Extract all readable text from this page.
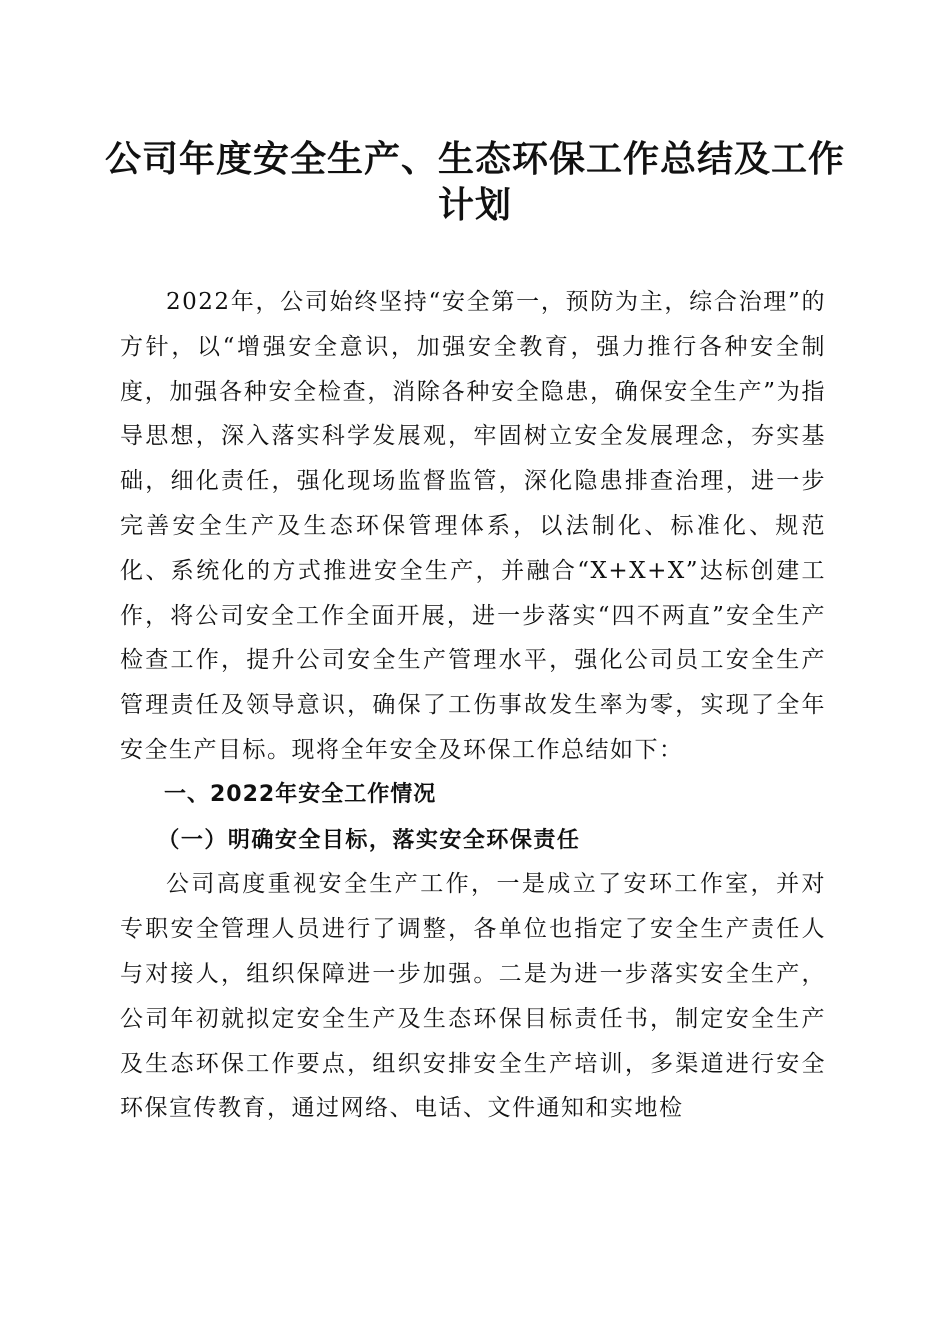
公司年度安全生产、生态环保工作总结及工作计划

2022年，公司始终坚持“安全第一，预防为主，综合治理”的方针，以“增强安全意识，加强安全教育，强力推行各种安全制度，加强各种安全检查，消除各种安全隐患，确保安全生产”为指导思想，深入落实科学发展观，牢固树立安全发展理念，夯实基础，细化责任，强化现场监督监管，深化隐患排查治理，进一步完善安全生产及生态环保管理体系，以法制化、标准化、规范化、系统化的方式推进安全生产，并融合“X+X+X”达标创建工作，将公司安全工作全面开展，进一步落实“四不两直”安全生产检查工作，提升公司安全生产管理水平，强化公司员工安全生产管理责任及领导意识，确保了工伤事故发生率为零，实现了全年安全生产目标。现将全年安全及环保工作总结如下：

一、2022年安全工作情况

（一）明确安全目标，落实安全环保责任

公司高度重视安全生产工作，一是成立了安环工作室，并对专职安全管理人员进行了调整，各单位也指定了安全生产责任人与对接人，组织保障进一步加强。二是为进一步落实安全生产，公司年初就拟定安全生产及生态环保目标责任书，制定安全生产及生态环保工作要点，组织安排安全生产培训，多渠道进行安全环保宣传教育，通过网络、电话、文件通知和实地检
